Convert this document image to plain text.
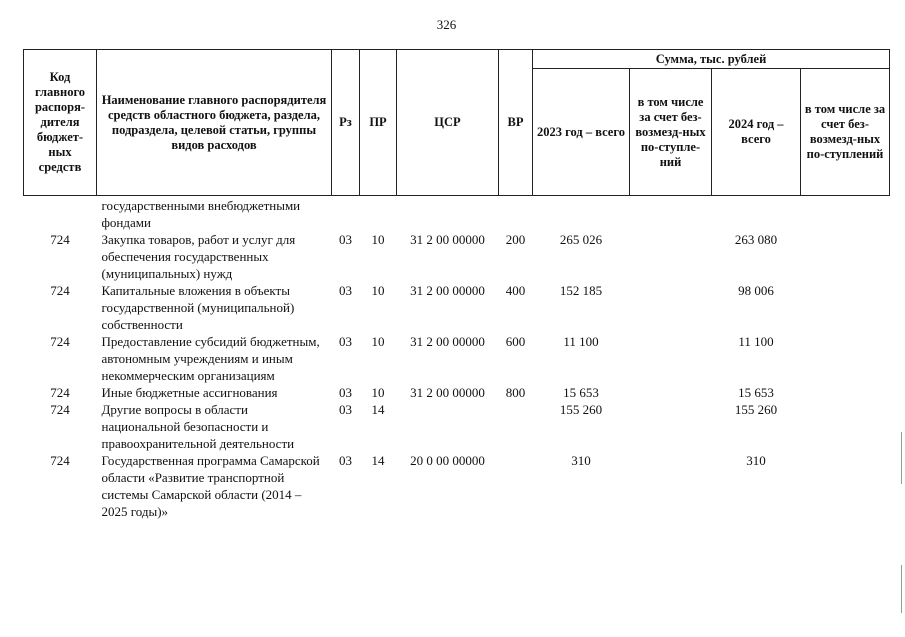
326
Код главного распоря-дителя бюджет-ных средств	Наименование главного распорядителя средств областного бюджета, раздела, подраздела, целевой статьи, группы видов расходов	Рз	ПР	ЦСР	ВР	Сумма, тыс. рублей			
						2023 год – всего	в том числе за счет без-возмезд-ных по-ступле-ний	2024 год – всего	в том числе за счет без-возмезд-ных по-ступлений
	государственными внебюджетными фондами								
724	Закупка товаров, работ и услуг для обеспечения государственных (муниципальных) нужд	03	10	31 2 00 00000	200	265 026		263 080	
724	Капитальные вложения в объекты государственной (муниципальной) собственности	03	10	31 2 00 00000	400	152 185		98 006	
724	Предоставление субсидий бюджетным, автономным учреждениям и иным некоммерческим организациям	03	10	31 2 00 00000	600	11 100		11 100	
724	Иные бюджетные ассигнования	03	10	31 2 00 00000	800	15 653		15 653	
724	Другие вопросы в области национальной безопасности и правоохранительной деятельности	03	14			155 260		155 260	
724	Государственная программа Самарской области «Развитие транспортной системы Самарской области (2014 – 2025 годы)»	03	14	20 0 00 00000		310		310	
